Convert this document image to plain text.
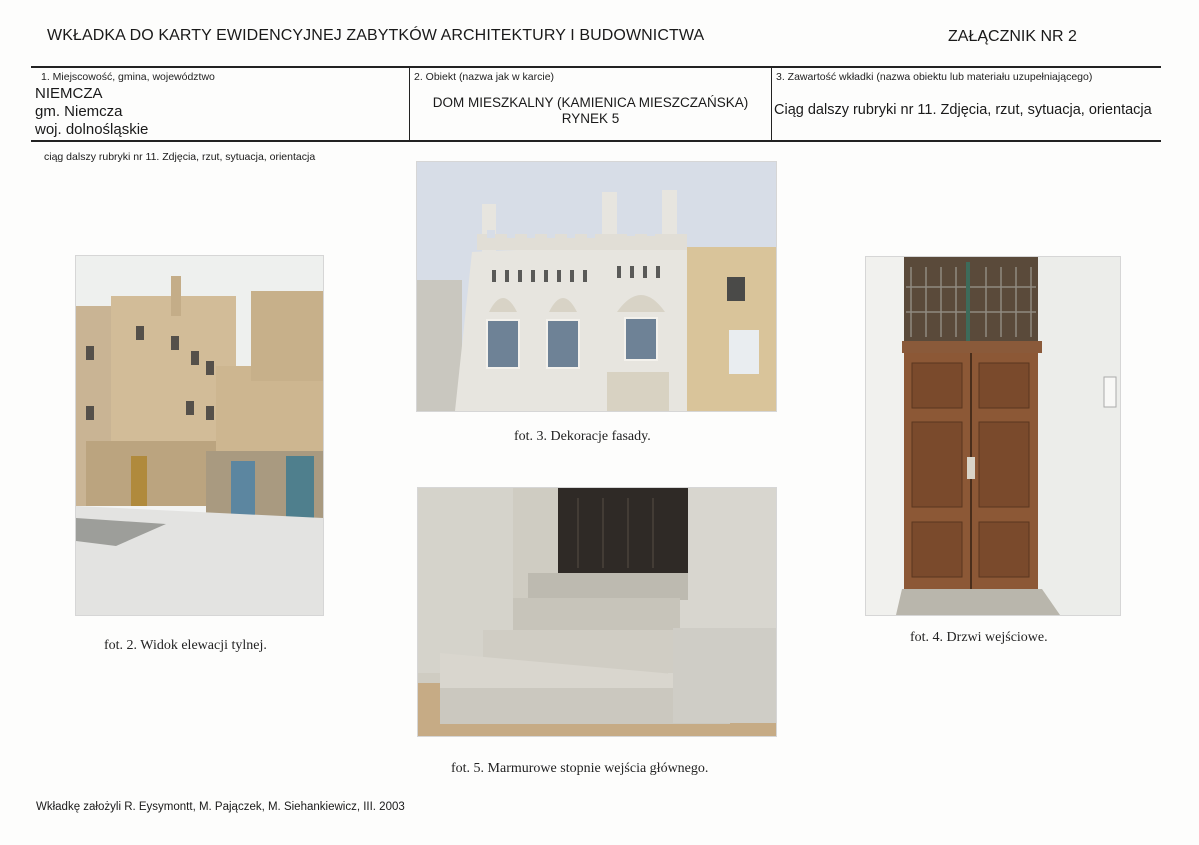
WKŁADKA DO KARTY EWIDENCYJNEJ ZABYTKÓW ARCHITEKTURY I BUDOWNICTWA	ZAŁĄCZNIK NR 2
1. Miejscowość, gmina, województwo
NIEMCZA
gm. Niemcza
woj. dolnośląskie
2. Obiekt (nazwa jak w karcie)
DOM MIESZKALNY (KAMIENICA MIESZCZAŃSKA)
RYNEK 5
3. Zawartość wkładki (nazwa obiektu lub materiału uzupełniającego)
Ciąg dalszy rubryki nr 11. Zdjęcia, rzut, sytuacja, orientacja
ciąg dalszy rubryki nr 11. Zdjęcia, rzut, sytuacja, orientacja
fot. 2. Widok elewacji tylnej.
fot. 3. Dekoracje fasady.
fot. 4. Drzwi wejściowe.
fot. 5. Marmurowe stopnie wejścia głównego.
Wkładkę założyli R. Eysymontt, M. Pajączek, M. Siehankiewicz, III. 2003
